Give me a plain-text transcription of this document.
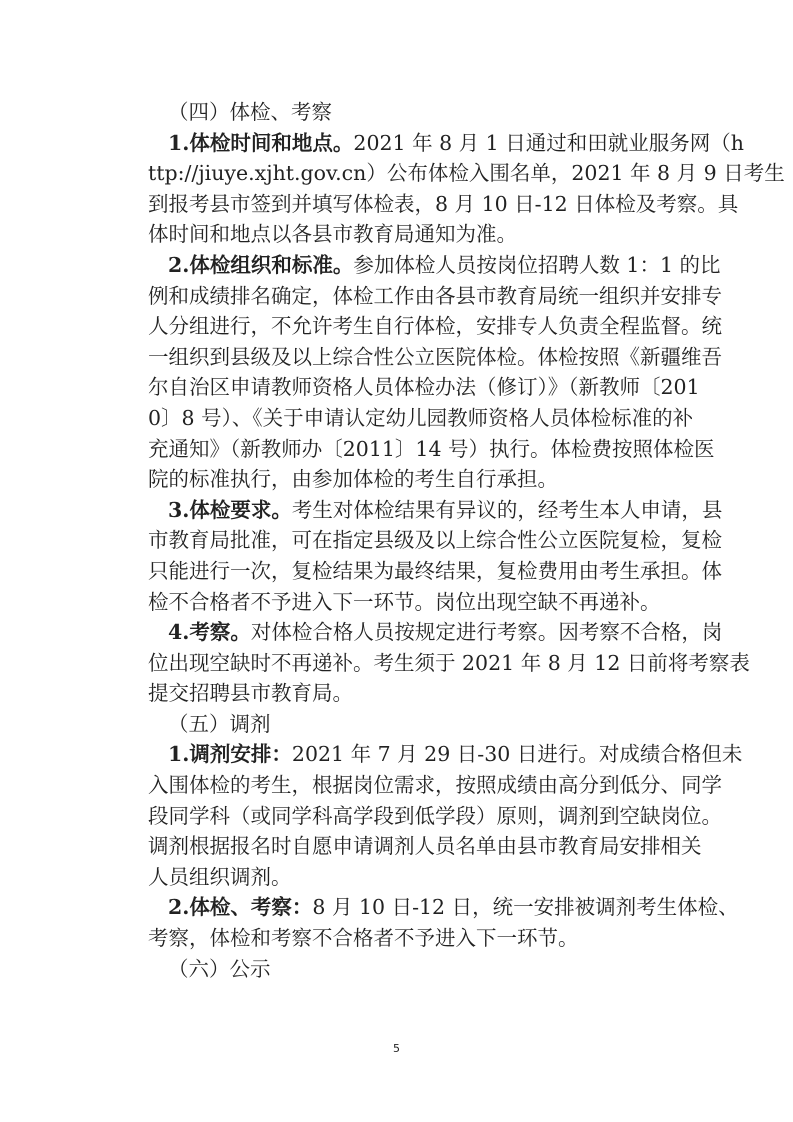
（四）体检、考察
1.体检时间和地点。2021 年 8 月 1 日通过和田就业服务网（h
ttp://jiuye.xjht.gov.cn）公布体检入围名单，2021 年 8 月 9 日考生
到报考县市签到并填写体检表，8 月 10 日-12 日体检及考察。具
体时间和地点以各县市教育局通知为准。
2.体检组织和标准。参加体检人员按岗位招聘人数 1：1 的比
例和成绩排名确定，体检工作由各县市教育局统一组织并安排专
人分组进行，不允许考生自行体检，安排专人负责全程监督。统
一组织到县级及以上综合性公立医院体检。体检按照《新疆维吾
尔自治区申请教师资格人员体检办法（修订）》（新教师〔201
0〕8 号）、《关于申请认定幼儿园教师资格人员体检标准的补
充通知》（新教师办〔2011〕14 号）执行。体检费按照体检医
院的标准执行，由参加体检的考生自行承担。
3.体检要求。考生对体检结果有异议的，经考生本人申请，县
市教育局批准，可在指定县级及以上综合性公立医院复检，复检
只能进行一次，复检结果为最终结果，复检费用由考生承担。体
检不合格者不予进入下一环节。岗位出现空缺不再递补。
4.考察。对体检合格人员按规定进行考察。因考察不合格，岗
位出现空缺时不再递补。考生须于 2021 年 8 月 12 日前将考察表
提交招聘县市教育局。
（五）调剂
1.调剂安排：2021 年 7 月 29 日-30 日进行。对成绩合格但未
入围体检的考生，根据岗位需求，按照成绩由高分到低分、同学
段同学科（或同学科高学段到低学段）原则，调剂到空缺岗位。
调剂根据报名时自愿申请调剂人员名单由县市教育局安排相关
人员组织调剂。
2.体检、考察：8 月 10 日-12 日，统一安排被调剂考生体检、
考察，体检和考察不合格者不予进入下一环节。
（六）公示
5
